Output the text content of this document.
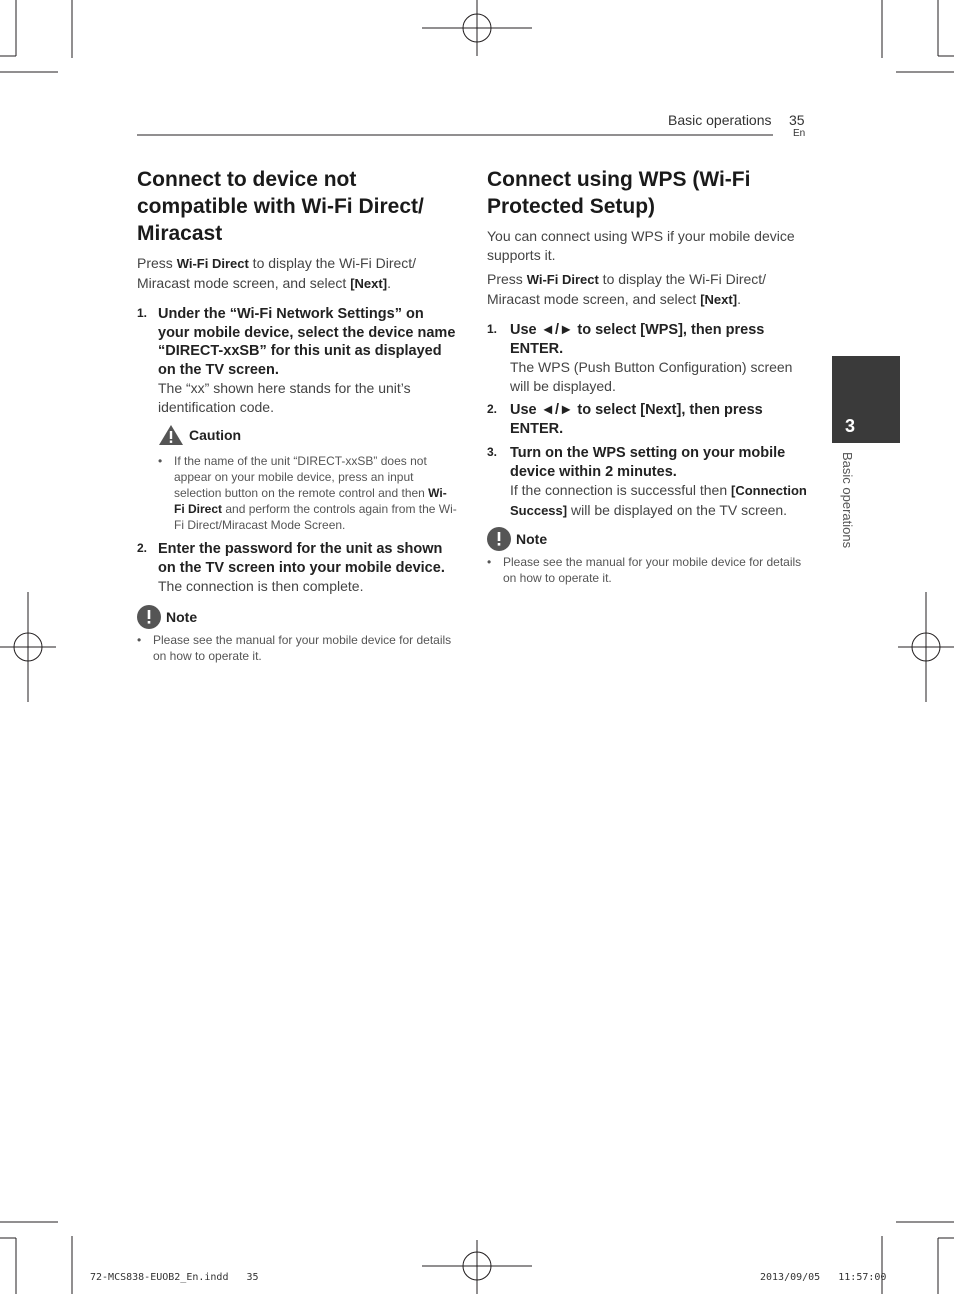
Basic operations 35
En
3
Basic operations
Connect to device not compatible with Wi-Fi Direct/ Miracast
Press Wi-Fi Direct to display the Wi-Fi Direct/ Miracast mode screen, and select [Next].
1. Under the “Wi-Fi Network Settings” on your mobile device, select the device name “DIRECT-xxSB” for this unit as displayed on the TV screen.
The “xx” shown here stands for the unit’s identification code.
Caution
• If the name of the unit “DIRECT-xxSB” does not appear on your mobile device, press an input selection button on the remote control and then Wi-Fi Direct and perform the controls again from the Wi-Fi Direct/Miracast Mode Screen.
2. Enter the password for the unit as shown on the TV screen into your mobile device.
The connection is then complete.
Note
• Please see the manual for your mobile device for details on how to operate it.
Connect using WPS (Wi-Fi Protected Setup)
You can connect using WPS if your mobile device supports it.
Press Wi-Fi Direct to display the Wi-Fi Direct/ Miracast mode screen, and select [Next].
1. Use ◄/► to select [WPS], then press ENTER.
The WPS (Push Button Configuration) screen will be displayed.
2. Use ◄/► to select [Next], then press ENTER.
3. Turn on the WPS setting on your mobile device within 2 minutes.
If the connection is successful then [Connection Success] will be displayed on the TV screen.
Note
• Please see the manual for your mobile device for details on how to operate it.
72-MCS838-EUOB2_En.indd   35	2013/09/05   11:57:00
